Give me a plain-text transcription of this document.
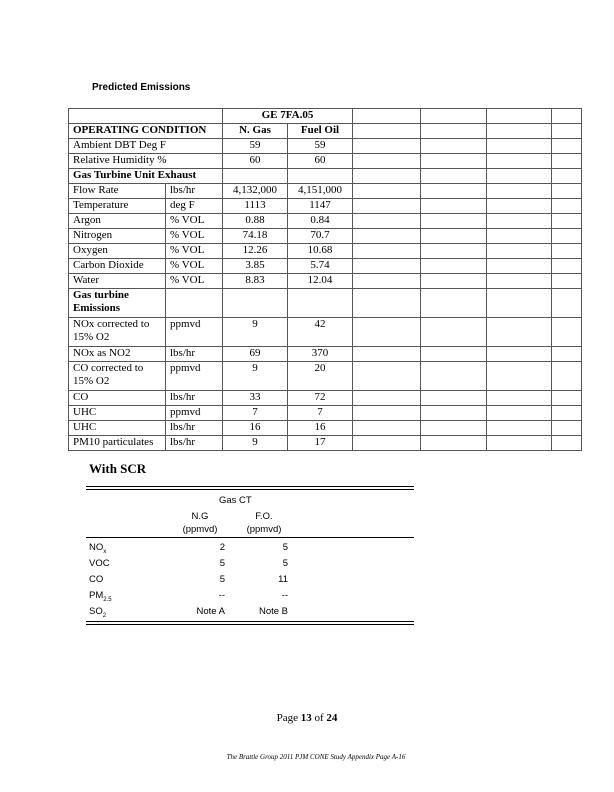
Predicted Emissions
		GE 7FA.05					
OPERATING CONDITION		N. Gas	Fuel Oil				
Ambient DBT Deg F		59	59				
Relative Humidity %		60	60				
Gas Turbine Unit Exhaust							
Flow Rate	lbs/hr	4,132,000	4,151,000				
Temperature	deg F	1113	1147				
Argon	% VOL	0.88	0.84				
Nitrogen	% VOL	74.18	70.7				
Oxygen	% VOL	12.26	10.68				
Carbon Dioxide	% VOL	3.85	5.74				
Water	% VOL	8.83	12.04				

Gas turbine
Emissions							

NOx corrected to
15% O2	ppmvd	9	42				

NOx as NO2	lbs/hr	69	370				

CO corrected to
15% O2	ppmvd	9	20				

CO	lbs/hr	33	72				

UHC	ppmvd	7	7				

UHC	lbs/hr	16	16				

PM10 particulates	lbs/hr	9	17				
With SCR
Gas CT
N.G	F.O.
(ppmvd)	(ppmvd)
$NO_x$	2	5
VOC	5	5
CO	5	11
$PM_{2.5}$	--	--
$SO_2$	Note A	Note B
Page 13 of 24
The Brattle Group 2011 PJM CONE Study Appendix Page A-16
